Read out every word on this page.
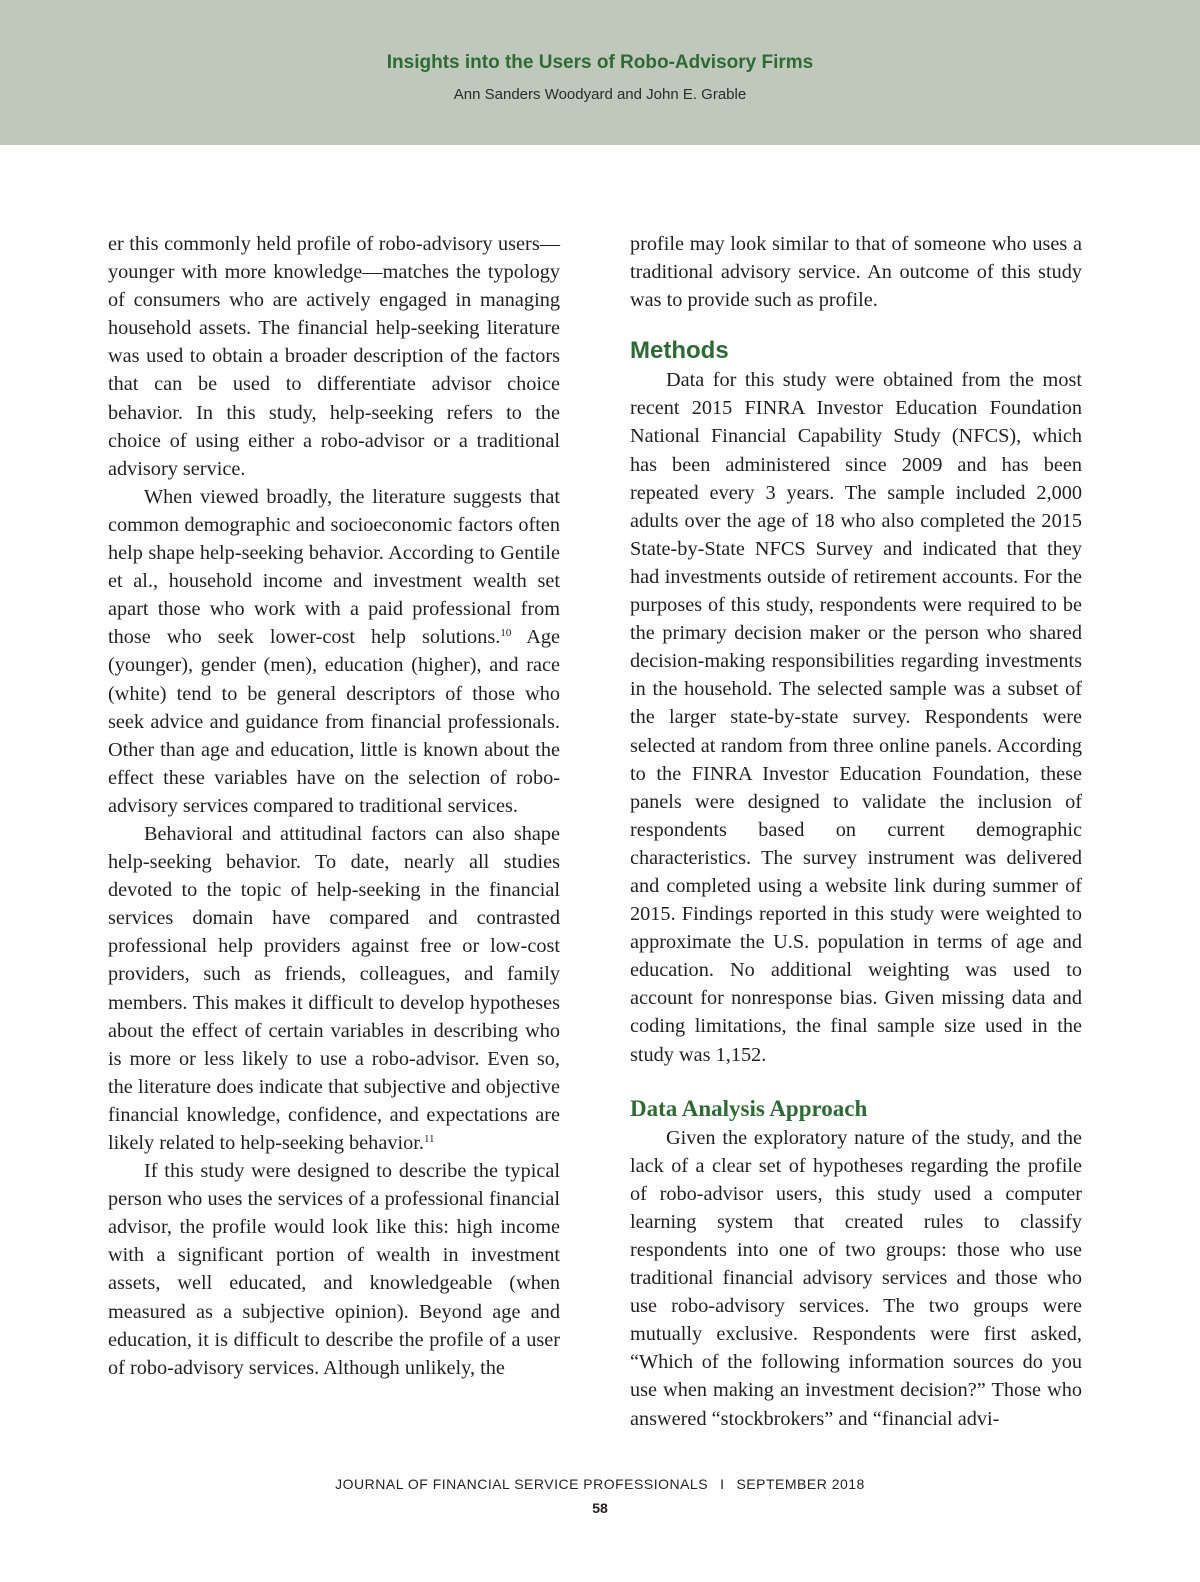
Insights into the Users of Robo-Advisory Firms
Ann Sanders Woodyard and John E. Grable

er this commonly held profile of robo-advisory users—younger with more knowledge—matches the typology of consumers who are actively engaged in managing household assets. The financial help-seeking literature was used to obtain a broader description of the factors that can be used to differentiate advisor choice behavior. In this study, help-seeking refers to the choice of using either a robo-advisor or a traditional advisory service.

When viewed broadly, the literature suggests that common demographic and socioeconomic factors often help shape help-seeking behavior. According to Gentile et al., household income and investment wealth set apart those who work with a paid professional from those who seek lower-cost help solutions.$^{10}$ Age (younger), gender (men), education (higher), and race (white) tend to be general descriptors of those who seek advice and guidance from financial professionals. Other than age and education, little is known about the effect these variables have on the selection of robo-advisory services compared to traditional services.

Behavioral and attitudinal factors can also shape help-seeking behavior. To date, nearly all studies devoted to the topic of help-seeking in the financial services domain have compared and contrasted professional help providers against free or low-cost providers, such as friends, colleagues, and family members. This makes it difficult to develop hypotheses about the effect of certain variables in describing who is more or less likely to use a robo-advisor. Even so, the literature does indicate that subjective and objective financial knowledge, confidence, and expectations are likely related to help-seeking behavior.$^{11}$

If this study were designed to describe the typical person who uses the services of a professional financial advisor, the profile would look like this: high income with a significant portion of wealth in investment assets, well educated, and knowledgeable (when measured as a subjective opinion). Beyond age and education, it is difficult to describe the profile of a user of robo-advisory services. Although unlikely, the

profile may look similar to that of someone who uses a traditional advisory service. An outcome of this study was to provide such as profile.

Methods

Data for this study were obtained from the most recent 2015 FINRA Investor Education Foundation National Financial Capability Study (NFCS), which has been administered since 2009 and has been repeated every 3 years. The sample included 2,000 adults over the age of 18 who also completed the 2015 State-by-State NFCS Survey and indicated that they had investments outside of retirement accounts. For the purposes of this study, respondents were required to be the primary decision maker or the person who shared decision-making responsibilities regarding investments in the household. The selected sample was a subset of the larger state-by-state survey. Respondents were selected at random from three online panels. According to the FINRA Investor Education Foundation, these panels were designed to validate the inclusion of respondents based on current demographic characteristics. The survey instrument was delivered and completed using a website link during summer of 2015. Findings reported in this study were weighted to approximate the U.S. population in terms of age and education. No additional weighting was used to account for nonresponse bias. Given missing data and coding limitations, the final sample size used in the study was 1,152.

Data Analysis Approach

Given the exploratory nature of the study, and the lack of a clear set of hypotheses regarding the profile of robo-advisor users, this study used a computer learning system that created rules to classify respondents into one of two groups: those who use traditional financial advisory services and those who use robo-advisory services. The two groups were mutually exclusive. Respondents were first asked, “Which of the following information sources do you use when making an investment decision?” Those who answered “stockbrokers” and “financial advi-

JOURNAL OF FINANCIAL SERVICE PROFESSIONALS I SEPTEMBER 2018
58
